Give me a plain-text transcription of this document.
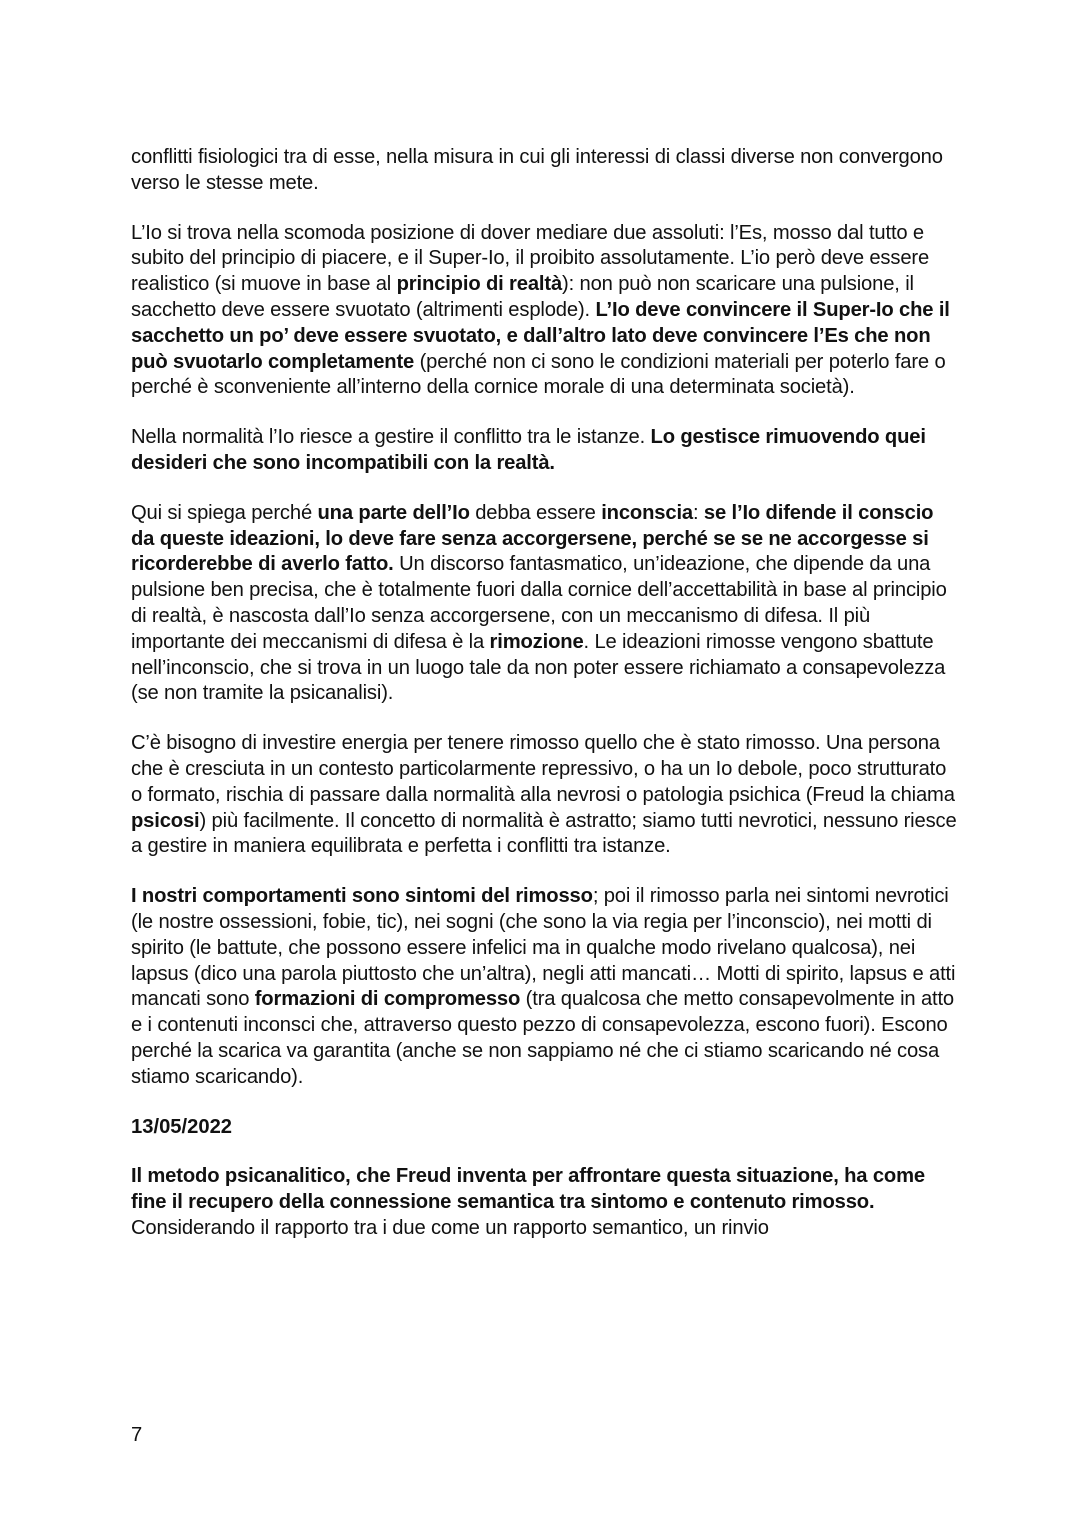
conflitti fisiologici tra di esse, nella misura in cui gli interessi di classi diverse non convergono verso le stesse mete.

L’Io si trova nella scomoda posizione di dover mediare due assoluti: l’Es, mosso dal tutto e subito del principio di piacere, e il Super-Io, il proibito assolutamente. L’io però deve essere realistico (si muove in base al principio di realtà): non può non scaricare una pulsione, il sacchetto deve essere svuotato (altrimenti esplode). L’Io deve convincere il Super-Io che il sacchetto un po’ deve essere svuotato, e dall’altro lato deve convincere l’Es che non può svuotarlo completamente (perché non ci sono le condizioni materiali per poterlo fare o perché è sconveniente all’interno della cornice morale di una determinata società).

Nella normalità l’Io riesce a gestire il conflitto tra le istanze. Lo gestisce rimuovendo quei desideri che sono incompatibili con la realtà.

Qui si spiega perché una parte dell’Io debba essere inconscia: se l’Io difende il conscio da queste ideazioni, lo deve fare senza accorgersene, perché se se ne accorgesse si ricorderebbe di averlo fatto. Un discorso fantasmatico, un’ideazione, che dipende da una pulsione ben precisa, che è totalmente fuori dalla cornice dell’accettabilità in base al principio di realtà, è nascosta dall’Io senza accorgersene, con un meccanismo di difesa. Il più importante dei meccanismi di difesa è la rimozione. Le ideazioni rimosse vengono sbattute nell’inconscio, che si trova in un luogo tale da non poter essere richiamato a consapevolezza (se non tramite la psicanalisi).

C’è bisogno di investire energia per tenere rimosso quello che è stato rimosso. Una persona che è cresciuta in un contesto particolarmente repressivo, o ha un Io debole, poco strutturato o formato, rischia di passare dalla normalità alla nevrosi o patologia psichica (Freud la chiama psicosi) più facilmente. Il concetto di normalità è astratto; siamo tutti nevrotici, nessuno riesce a gestire in maniera equilibrata e perfetta i conflitti tra istanze.

I nostri comportamenti sono sintomi del rimosso; poi il rimosso parla nei sintomi nevrotici (le nostre ossessioni, fobie, tic), nei sogni (che sono la via regia per l’inconscio), nei motti di spirito (le battute, che possono essere infelici ma in qualche modo rivelano qualcosa), nei lapsus (dico una parola piuttosto che un’altra), negli atti mancati… Motti di spirito, lapsus e atti mancati sono formazioni di compromesso (tra qualcosa che metto consapevolmente in atto e i contenuti inconsci che, attraverso questo pezzo di consapevolezza, escono fuori). Escono perché la scarica va garantita (anche se non sappiamo né che ci stiamo scaricando né cosa stiamo scaricando).

13/05/2022

Il metodo psicanalitico, che Freud inventa per affrontare questa situazione, ha come fine il recupero della connessione semantica tra sintomo e contenuto rimosso. Considerando il rapporto tra i due come un rapporto semantico, un rinvio

7
